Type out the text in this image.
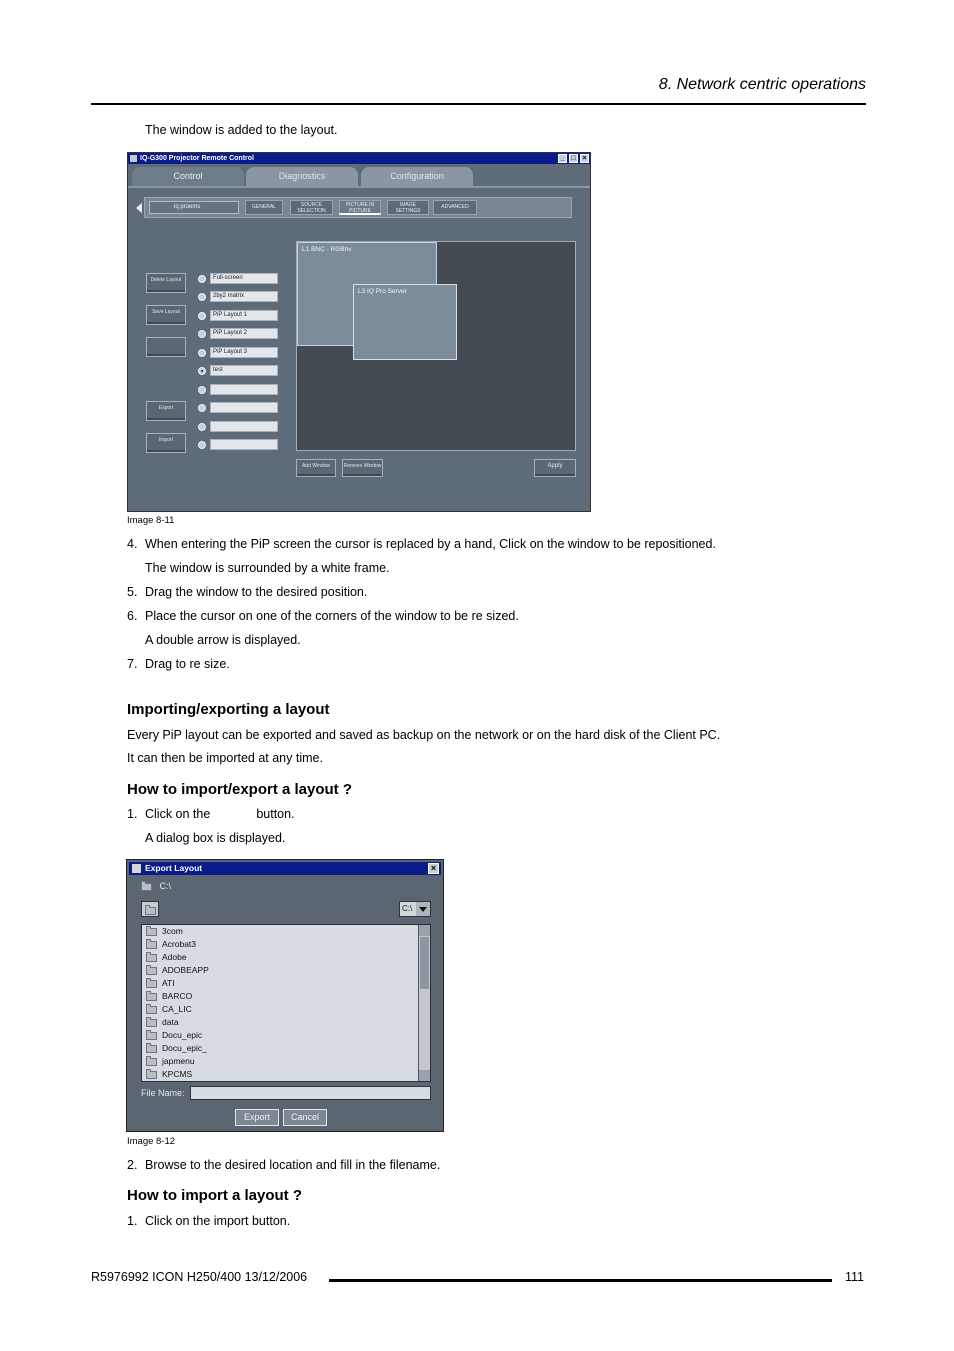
8. Network centric operations
The window is added to the layout.
IQ-G300 Projector Remote Control	_ □ ×
Control	Diagnostics	Configuration
iq proems	GENERAL	SOURCE SELECTION
PICTURE IN PICTURE
IMAGE SETTINGS
ADVANCED
Delete Layout
Save Layout
Export
Import
Full-screen
2by2 matrix
PiP Layout 1
PiP Layout 2
PiP Layout 3
test
L1 BNC - RGBhv
L3 IQ Pro Server
Add Window	Remove Window	Apply
Image 8-11
4. When entering the PiP screen the cursor is replaced by a hand, Click on the window to be repositioned.
The window is surrounded by a white frame.
5. Drag the window to the desired position.
6. Place the cursor on one of the corners of the window to be re sized.
A double arrow is displayed.
7. Drag to re size.
Importing/exporting a layout
Every PiP layout can be exported and saved as backup on the network or on the hard disk of the Client PC.
It can then be imported at any time.
How to import/export a layout ?
1. Click on the	button.
A dialog box is displayed.
Export Layout	×
C:\
C:\
3com
Acrobat3
Adobe
ADOBEAPP
ATI
BARCO
CA_LIC
data
Docu_epic
Docu_epic_
japmenu
KPCMS
File Name:
Export	Cancel
Image 8-12
2. Browse to the desired location and fill in the filename.
How to import a layout ?
1. Click on the import button.
R5976992 ICON H250/400 13/12/2006	111
